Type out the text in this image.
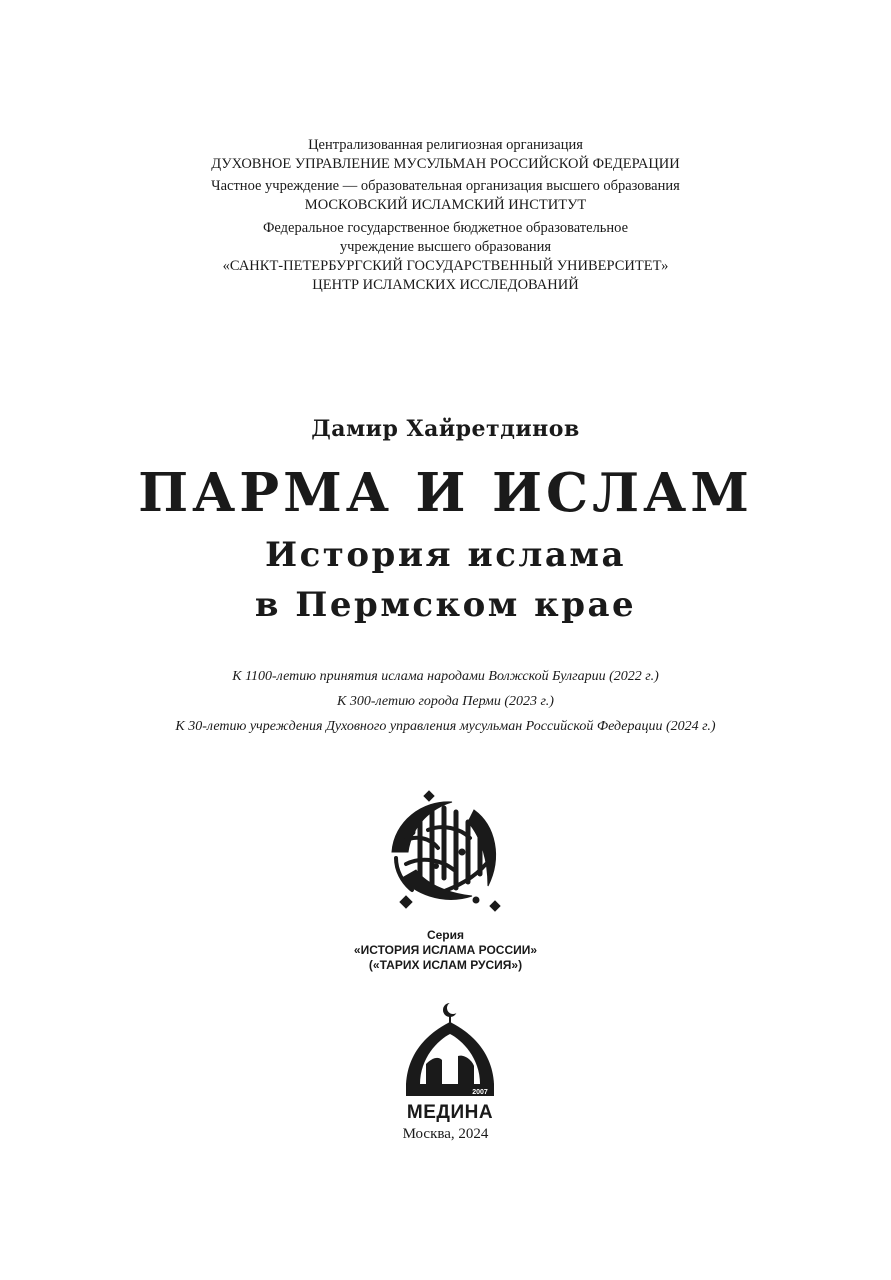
Централизованная религиозная организация
ДУХОВНОЕ УПРАВЛЕНИЕ МУСУЛЬМАН РОССИЙСКОЙ ФЕДЕРАЦИИ
Частное учреждение — образовательная организация высшего образования
МОСКОВСКИЙ ИСЛАМСКИЙ ИНСТИТУТ
Федеральное государственное бюджетное образовательное
учреждение высшего образования
«САНКТ-ПЕТЕРБУРГСКИЙ ГОСУДАРСТВЕННЫЙ УНИВЕРСИТЕТ»
ЦЕНТР ИСЛАМСКИХ ИССЛЕДОВАНИЙ
Дамир Хайретдинов
ПАРМА И ИСЛАМ
История ислама
в Пермском крае
К 1100-летию принятия ислама народами Волжской Булгарии (2022 г.)
К 300-летию города Перми (2023 г.)
К 30-летию учреждения Духовного управления мусульман Российской Федерации (2024 г.)
Серия
«ИСТОРИЯ ИСЛАМА РОССИИ»
(«ТАРИХ ИСЛАМ РУСИЯ»)
2007
МЕДИНА
Москва, 2024
